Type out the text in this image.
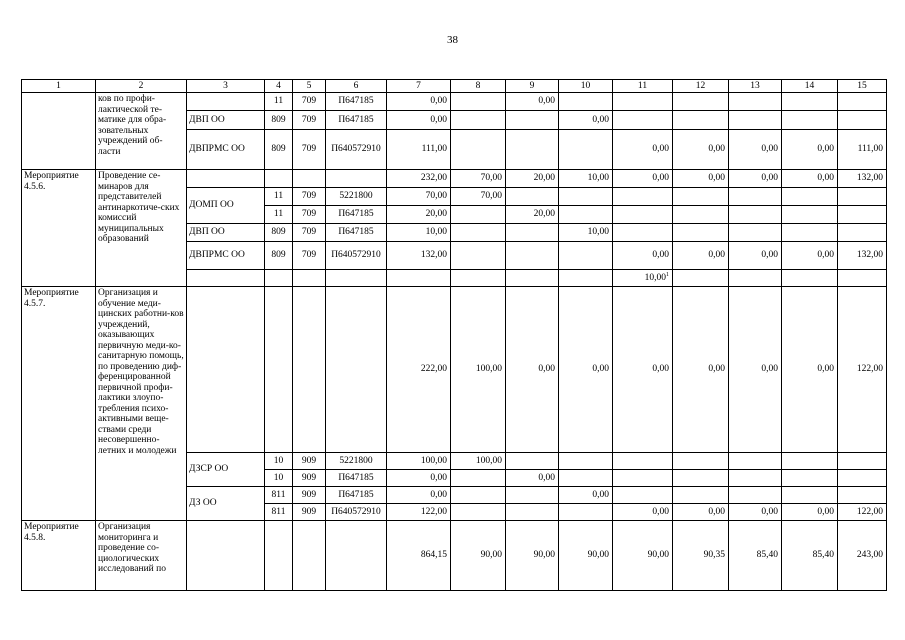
38
1	2	3	4	5	6	7	8	9	10	11	12	13	14	15
	ков по профи-лактической те-матике для обра-зовательных учреждений об-ласти		11	709	П647185	0,00		0,00						
		ДВП ОО	809	709	П647185	0,00			0,00					
		ДВПРМС ОО	809	709	П640572910	111,00				0,00	0,00	0,00	0,00	111,00
Мероприятие 4.5.6.	Проведение се-минаров для представителей антинаркотиче-ских комиссий муниципальных образований					232,00	70,00	20,00	10,00	0,00	0,00	0,00	0,00	132,00
		ДОМП ОО	11	709	5221800	70,00	70,00							
			11	709	П647185	20,00		20,00						
		ДВП ОО	809	709	П647185	10,00			10,00					
		ДВПРМС ОО	809	709	П640572910	132,00				0,00	0,00	0,00	0,00	132,00
										10,00$^1$				
Мероприятие 4.5.7.	Организация и обучение меди-цинских работни-ков учреждений, оказывающих первичную меди-ко-санитарную помощь, по проведению диф-ференцированной первичной профи-лактики злоупо-требления психо-активными веще-ствами среди несовершенно-летних и молодежи					222,00	100,00	0,00	0,00	0,00	0,00	0,00	0,00	122,00
		ДЗСР ОО	10	909	5221800	100,00	100,00							
			10	909	П647185	0,00		0,00						
		ДЗ ОО	811	909	П647185	0,00			0,00					
			811	909	П640572910	122,00				0,00	0,00	0,00	0,00	122,00
Мероприятие 4.5.8.	Организация мониторинга и проведение со-циологических исследований по					864,15	90,00	90,00	90,00	90,00	90,35	85,40	85,40	243,00
